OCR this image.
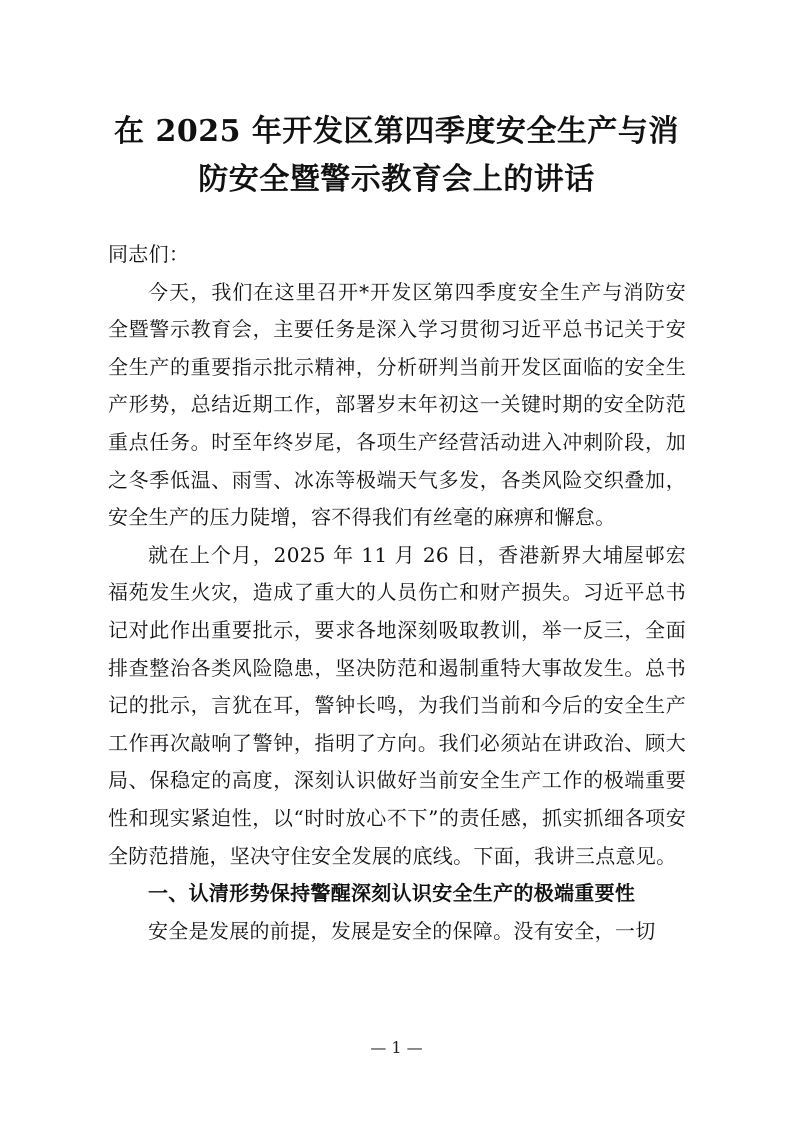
在 2025 年开发区第四季度安全生产与消
防安全暨警示教育会上的讲话

同志们：

今天，我们在这里召开*开发区第四季度安全生产与消防安全暨警示教育会，主要任务是深入学习贯彻习近平总书记关于安全生产的重要指示批示精神，分析研判当前开发区面临的安全生产形势，总结近期工作，部署岁末年初这一关键时期的安全防范重点任务。时至年终岁尾，各项生产经营活动进入冲刺阶段，加之冬季低温、雨雪、冰冻等极端天气多发，各类风险交织叠加，安全生产的压力陡增，容不得我们有丝毫的麻痹和懈怠。

就在上个月，2025 年 11 月 26 日，香港新界大埔屋邨宏福苑发生火灾，造成了重大的人员伤亡和财产损失。习近平总书记对此作出重要批示，要求各地深刻吸取教训，举一反三，全面排查整治各类风险隐患，坚决防范和遏制重特大事故发生。总书记的批示，言犹在耳，警钟长鸣，为我们当前和今后的安全生产工作再次敲响了警钟，指明了方向。我们必须站在讲政治、顾大局、保稳定的高度，深刻认识做好当前安全生产工作的极端重要性和现实紧迫性，以“时时放心不下”的责任感，抓实抓细各项安全防范措施，坚决守住安全发展的底线。下面，我讲三点意见。

一、认清形势保持警醒深刻认识安全生产的极端重要性

安全是发展的前提，发展是安全的保障。没有安全，一切

— 1 —
